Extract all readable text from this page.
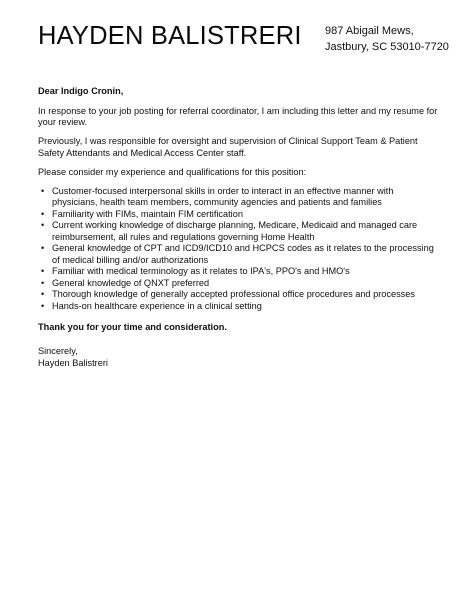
HAYDEN BALISTRERI 987 Abigail Mews,
Jastbury, SC 53010-7720

Dear Indigo Cronin,

In response to your job posting for referral coordinator, I am including this letter and my resume for your review.

Previously, I was responsible for oversight and supervision of Clinical Support Team & Patient Safety Attendants and Medical Access Center staff.

Please consider my experience and qualifications for this position:

• Customer-focused interpersonal skills in order to interact in an effective manner with physicians, health team members, community agencies and patients and families
• Familiarity with FIMs, maintain FIM certification
• Current working knowledge of discharge planning, Medicare, Medicaid and managed care reimbursement, all rules and regulations governing Home Health
• General knowledge of CPT and ICD9/ICD10 and HCPCS codes as it relates to the processing of medical billing and/or authorizations
• Familiar with medical terminology as it relates to IPA's, PPO's and HMO's
• General knowledge of QNXT preferred
• Thorough knowledge of generally accepted professional office procedures and processes
• Hands-on healthcare experience in a clinical setting

Thank you for your time and consideration.

Sincerely,
Hayden Balistreri
